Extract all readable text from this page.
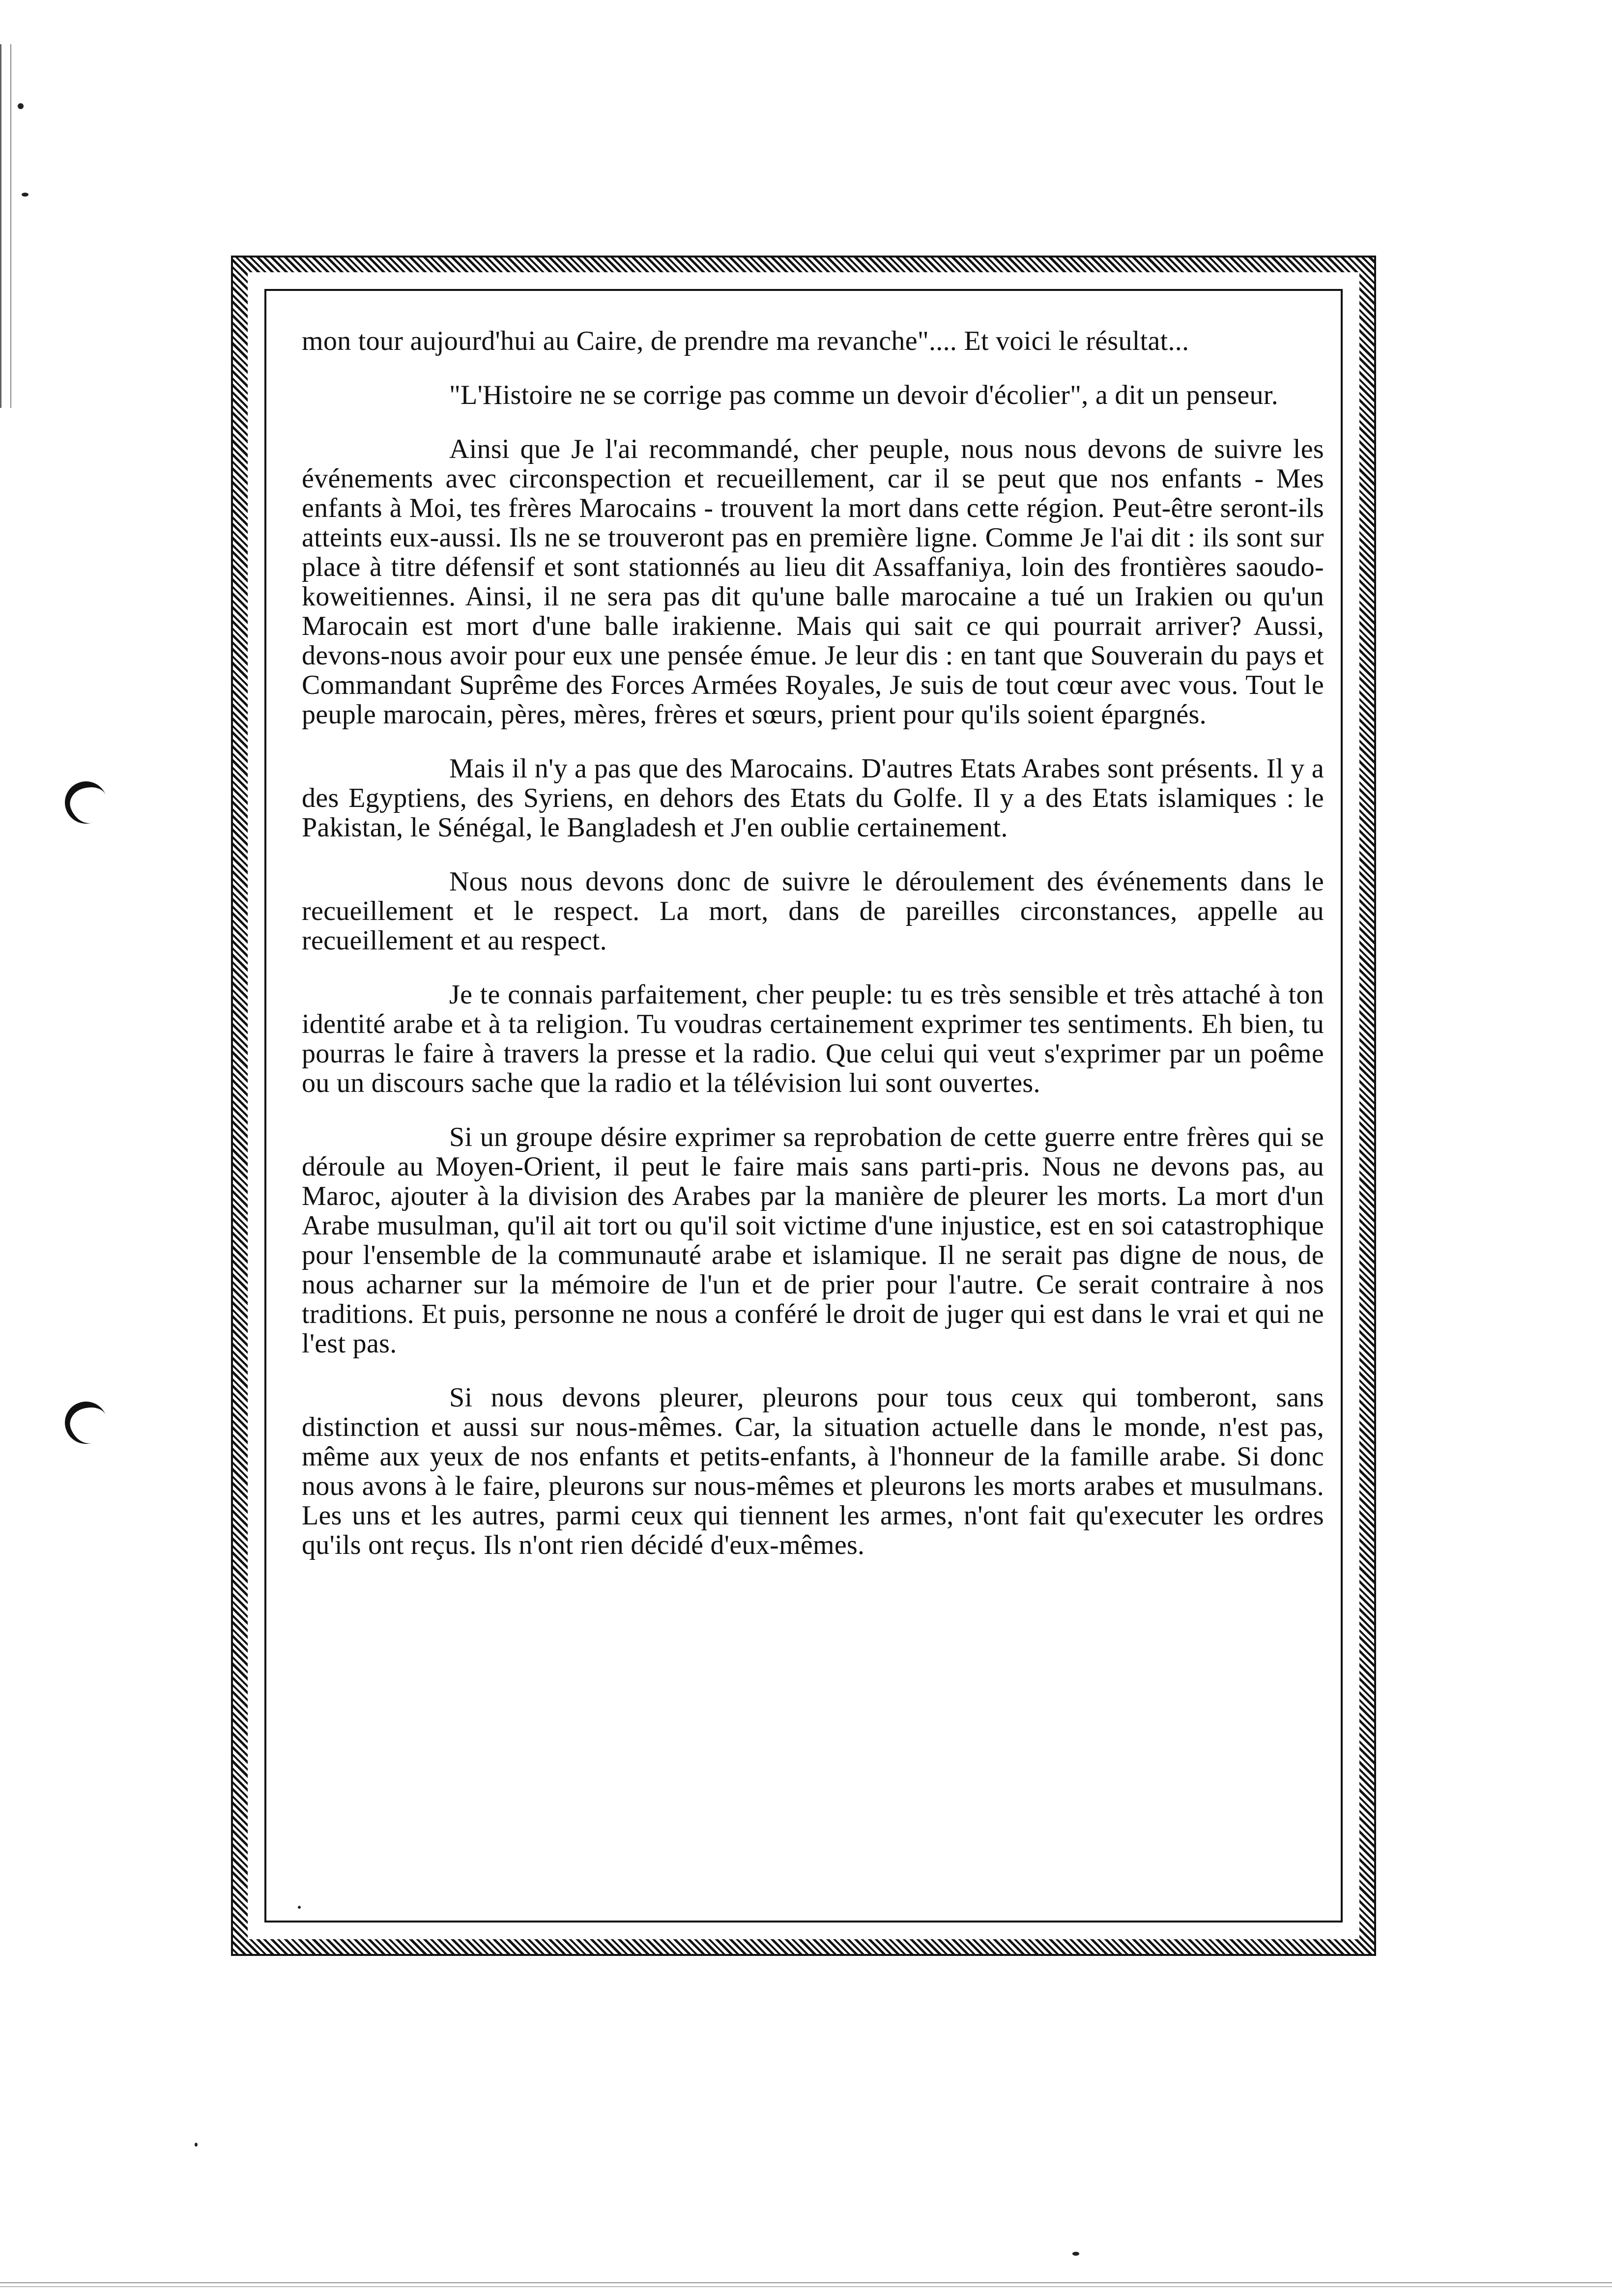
mon tour aujourd'hui au Caire, de prendre ma revanche".... Et voici le résultat...

"L'Histoire ne se corrige pas comme un devoir d'écolier", a dit un penseur.

Ainsi que Je l'ai recommandé, cher peuple, nous nous devons de suivre les événements avec circonspection et recueillement, car il se peut que nos enfants - Mes enfants à Moi, tes frères Marocains - trouvent la mort dans cette région. Peut-être seront-ils atteints eux-aussi. Ils ne se trouveront pas en première ligne. Comme Je l'ai dit : ils sont sur place à titre défensif et sont stationnés au lieu dit Assaffaniya, loin des frontières saoudo-koweitiennes. Ainsi, il ne sera pas dit qu'une balle marocaine a tué un Irakien ou qu'un Marocain est mort d'une balle irakienne. Mais qui sait ce qui pourrait arriver? Aussi, devons-nous avoir pour eux une pensée émue. Je leur dis : en tant que Souverain du pays et Commandant Suprême des Forces Armées Royales, Je suis de tout cœur avec vous. Tout le peuple marocain, pères, mères, frères et sœurs, prient pour qu'ils soient épargnés.

Mais il n'y a pas que des Marocains. D'autres Etats Arabes sont présents. Il y a des Egyptiens, des Syriens, en dehors des Etats du Golfe. Il y a des Etats islamiques : le Pakistan, le Sénégal, le Bangladesh et J'en oublie certainement.

Nous nous devons donc de suivre le déroulement des événements dans le recueillement et le respect. La mort, dans de pareilles circonstances, appelle au recueillement et au respect.

Je te connais parfaitement, cher peuple: tu es très sensible et très attaché à ton identité arabe et à ta religion. Tu voudras certainement exprimer tes sentiments. Eh bien, tu pourras le faire à travers la presse et la radio. Que celui qui veut s'exprimer par un poême ou un discours sache que la radio et la télévision lui sont ouvertes.

Si un groupe désire exprimer sa reprobation de cette guerre entre frères qui se déroule au Moyen-Orient, il peut le faire mais sans parti-pris. Nous ne devons pas, au Maroc, ajouter à la division des Arabes par la manière de pleurer les morts. La mort d'un Arabe musulman, qu'il ait tort ou qu'il soit victime d'une injustice, est en soi catastrophique pour l'ensemble de la communauté arabe et islamique. Il ne serait pas digne de nous, de nous acharner sur la mémoire de l'un et de prier pour l'autre. Ce serait contraire à nos traditions. Et puis, personne ne nous a conféré le droit de juger qui est dans le vrai et qui ne l'est pas.

Si nous devons pleurer, pleurons pour tous ceux qui tomberont, sans distinction et aussi sur nous-mêmes. Car, la situation actuelle dans le monde, n'est pas, même aux yeux de nos enfants et petits-enfants, à l'honneur de la famille arabe. Si donc nous avons à le faire, pleurons sur nous-mêmes et pleurons les morts arabes et musulmans. Les uns et les autres, parmi ceux qui tiennent les armes, n'ont fait qu'executer les ordres qu'ils ont reçus. Ils n'ont rien décidé d'eux-mêmes.
